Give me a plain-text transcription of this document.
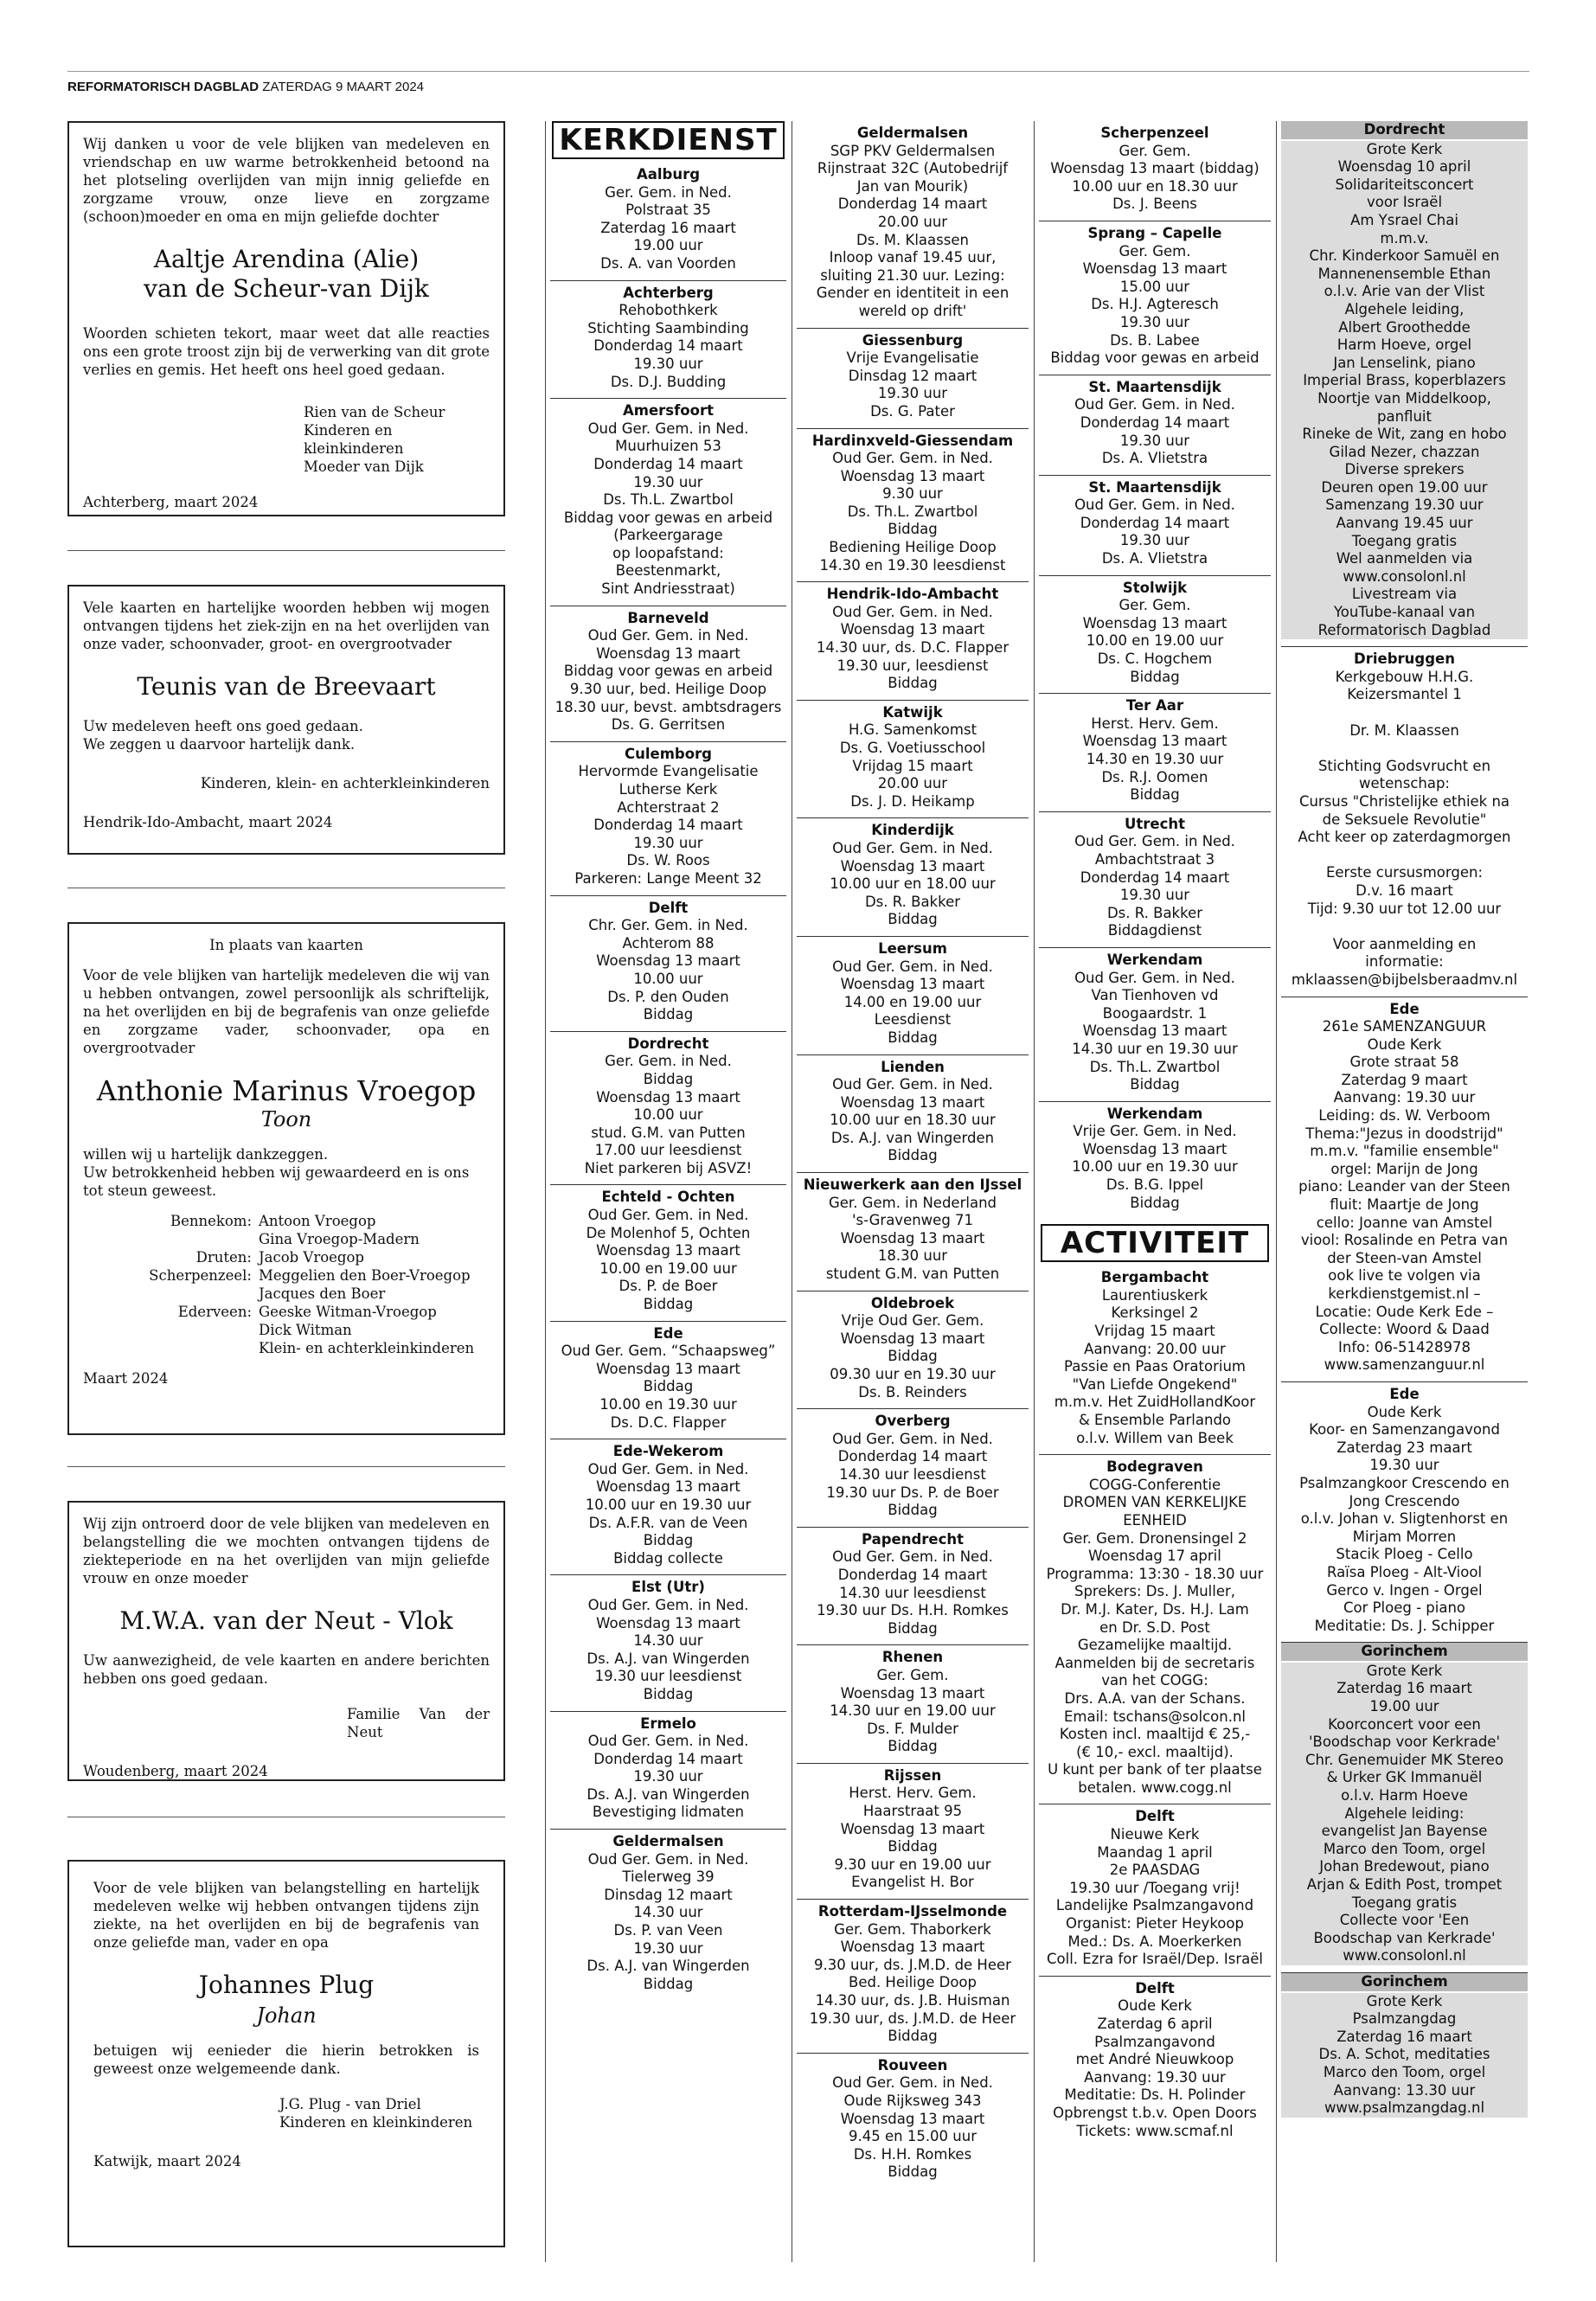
REFORMATORISCH DAGBLAD ZATERDAG 9 MAART 2024

Wij danken u voor de vele blijken van medeleven en vriendschap en uw warme betrokkenheid betoond na het plotseling overlijden van mijn innig geliefde en zorgzame vrouw, onze lieve en zorgzame (schoon)moeder en oma en mijn geliefde dochter

Aaltje Arendina (Alie)
van de Scheur-van Dijk

Woorden schieten tekort, maar weet dat alle reacties ons een grote troost zijn bij de verwerking van dit grote verlies en gemis. Het heeft ons heel goed gedaan.

Rien van de Scheur
Kinderen en kleinkinderen
Moeder van Dijk

Achterberg, maart 2024

Vele kaarten en hartelijke woorden hebben wij mogen ontvangen tijdens het ziek-zijn en na het overlijden van onze vader, schoonvader, groot- en overgrootvader

Teunis van de Breevaart

Uw medeleven heeft ons goed gedaan.

We zeggen u daarvoor hartelijk dank.

Kinderen, klein- en achterkleinkinderen

Hendrik-Ido-Ambacht, maart 2024

In plaats van kaarten

Voor de vele blijken van hartelijk medeleven die wij van u hebben ontvangen, zowel persoonlijk als schriftelijk, na het overlijden en bij de begrafenis van onze geliefde en zorgzame vader, schoonvader, opa en overgrootvader

Anthonie Marinus Vroegop
Toon

willen wij u hartelijk dankzeggen.

Uw betrokkenheid hebben wij gewaardeerd en is ons tot steun geweest.

Bennekom: Antoon Vroegop
Gina Vroegop-Madern
Druten: Jacob Vroegop
Scherpenzeel: Meggelien den Boer-Vroegop
Jacques den Boer
Ederveen: Geeske Witman-Vroegop
Dick Witman
Klein- en achterkleinkinderen

Maart 2024

Wij zijn ontroerd door de vele blijken van medeleven en belangstelling die we mochten ontvangen tijdens de ziekteperiode en na het overlijden van mijn geliefde vrouw en onze moeder

M.W.A. van der Neut - Vlok

Uw aanwezigheid, de vele kaarten en andere berichten hebben ons goed gedaan.

Familie Van der Neut

Woudenberg, maart 2024

Voor de vele blijken van belangstelling en hartelijk medeleven welke wij hebben ontvangen tijdens zijn ziekte, na het overlijden en bij de begrafenis van onze geliefde man, vader en opa

Johannes Plug
Johan

betuigen wij eenieder die hierin betrokken is geweest onze welgemeende dank.

J.G. Plug - van Driel
Kinderen en kleinkinderen

Katwijk, maart 2024

KERKDIENST
Aalburg
Ger. Gem. in Ned.
Polstraat 35
Zaterdag 16 maart
19.00 uur
Ds. A. van Voorden
Achterberg
Rehobothkerk
Stichting Saambinding
Donderdag 14 maart
19.30 uur
Ds. D.J. Budding
Amersfoort
Oud Ger. Gem. in Ned.
Muurhuizen 53
Donderdag 14 maart
19.30 uur
Ds. Th.L. Zwartbol
Biddag voor gewas en arbeid
(Parkeergarage
op loopafstand:
Beestenmarkt,
Sint Andriesstraat)
Barneveld
Oud Ger. Gem. in Ned.
Woensdag 13 maart
Biddag voor gewas en arbeid
9.30 uur, bed. Heilige Doop
18.30 uur, bevst. ambtsdragers
Ds. G. Gerritsen
Culemborg
Hervormde Evangelisatie
Lutherse Kerk
Achterstraat 2
Donderdag 14 maart
19.30 uur
Ds. W. Roos
Parkeren: Lange Meent 32
Delft
Chr. Ger. Gem. in Ned.
Achterom 88
Woensdag 13 maart
10.00 uur
Ds. P. den Ouden
Biddag
Dordrecht
Ger. Gem. in Ned.
Biddag
Woensdag 13 maart
10.00 uur
stud. G.M. van Putten
17.00 uur leesdienst
Niet parkeren bij ASVZ!
Echteld - Ochten
Oud Ger. Gem. in Ned.
De Molenhof 5, Ochten
Woensdag 13 maart
10.00 en 19.00 uur
Ds. P. de Boer
Biddag
Ede
Oud Ger. Gem. “Schaapsweg”
Woensdag 13 maart
Biddag
10.00 en 19.30 uur
Ds. D.C. Flapper
Ede-Wekerom
Oud Ger. Gem. in Ned.
Woensdag 13 maart
10.00 uur en 19.30 uur
Ds. A.F.R. van de Veen
Biddag
Biddag collecte
Elst (Utr)
Oud Ger. Gem. in Ned.
Woensdag 13 maart
14.30 uur
Ds. A.J. van Wingerden
19.30 uur leesdienst
Biddag
Ermelo
Oud Ger. Gem. in Ned.
Donderdag 14 maart
19.30 uur
Ds. A.J. van Wingerden
Bevestiging lidmaten
Geldermalsen
Oud Ger. Gem. in Ned.
Tielerweg 39
Dinsdag 12 maart
14.30 uur
Ds. P. van Veen
19.30 uur
Ds. A.J. van Wingerden
Biddag
Geldermalsen
SGP PKV Geldermalsen
Rijnstraat 32C (Autobedrijf
Jan van Mourik)
Donderdag 14 maart
20.00 uur
Ds. M. Klaassen
Inloop vanaf 19.45 uur,
sluiting 21.30 uur. Lezing:
Gender en identiteit in een
wereld op drift'
Giessenburg
Vrije Evangelisatie
Dinsdag 12 maart
19.30 uur
Ds. G. Pater
Hardinxveld-Giessendam
Oud Ger. Gem. in Ned.
Woensdag 13 maart
9.30 uur
Ds. Th.L. Zwartbol
Biddag
Bediening Heilige Doop
14.30 en 19.30 leesdienst
Hendrik-Ido-Ambacht
Oud Ger. Gem. in Ned.
Woensdag 13 maart
14.30 uur, ds. D.C. Flapper
19.30 uur, leesdienst
Biddag
Katwijk
H.G. Samenkomst
Ds. G. Voetiusschool
Vrijdag 15 maart
20.00 uur
Ds. J. D. Heikamp
Kinderdijk
Oud Ger. Gem. in Ned.
Woensdag 13 maart
10.00 uur en 18.00 uur
Ds. R. Bakker
Biddag
Leersum
Oud Ger. Gem. in Ned.
Woensdag 13 maart
14.00 en 19.00 uur
Leesdienst
Biddag
Lienden
Oud Ger. Gem. in Ned.
Woensdag 13 maart
10.00 uur en 18.30 uur
Ds. A.J. van Wingerden
Biddag
Nieuwerkerk aan den IJssel
Ger. Gem. in Nederland
's-Gravenweg 71
Woensdag 13 maart
18.30 uur
student G.M. van Putten
Oldebroek
Vrije Oud Ger. Gem.
Woensdag 13 maart
Biddag
09.30 uur en 19.30 uur
Ds. B. Reinders
Overberg
Oud Ger. Gem. in Ned.
Donderdag 14 maart
14.30 uur leesdienst
19.30 uur Ds. P. de Boer
Biddag
Papendrecht
Oud Ger. Gem. in Ned.
Donderdag 14 maart
14.30 uur leesdienst
19.30 uur Ds. H.H. Romkes
Biddag
Rhenen
Ger. Gem.
Woensdag 13 maart
14.30 uur en 19.00 uur
Ds. F. Mulder
Biddag
Rijssen
Herst. Herv. Gem.
Haarstraat 95
Woensdag 13 maart
Biddag
9.30 uur en 19.00 uur
Evangelist H. Bor
Rotterdam-IJsselmonde
Ger. Gem. Thaborkerk
Woensdag 13 maart
9.30 uur, ds. J.M.D. de Heer
Bed. Heilige Doop
14.30 uur, ds. J.B. Huisman
19.30 uur, ds. J.M.D. de Heer
Biddag
Rouveen
Oud Ger. Gem. in Ned.
Oude Rijksweg 343
Woensdag 13 maart
9.45 en 15.00 uur
Ds. H.H. Romkes
Biddag
Scherpenzeel
Ger. Gem.
Woensdag 13 maart (biddag)
10.00 uur en 18.30 uur
Ds. J. Beens
Sprang – Capelle
Ger. Gem.
Woensdag 13 maart
15.00 uur
Ds. H.J. Agteresch
19.30 uur
Ds. B. Labee
Biddag voor gewas en arbeid
St. Maartensdijk
Oud Ger. Gem. in Ned.
Donderdag 14 maart
19.30 uur
Ds. A. Vlietstra
St. Maartensdijk
Oud Ger. Gem. in Ned.
Donderdag 14 maart
19.30 uur
Ds. A. Vlietstra
Stolwijk
Ger. Gem.
Woensdag 13 maart
10.00 en 19.00 uur
Ds. C. Hogchem
Biddag
Ter Aar
Herst. Herv. Gem.
Woensdag 13 maart
14.30 en 19.30 uur
Ds. R.J. Oomen
Biddag
Utrecht
Oud Ger. Gem. in Ned.
Ambachtstraat 3
Donderdag 14 maart
19.30 uur
Ds. R. Bakker
Biddagdienst
Werkendam
Oud Ger. Gem. in Ned.
Van Tienhoven vd
Boogaardstr. 1
Woensdag 13 maart
14.30 uur en 19.30 uur
Ds. Th.L. Zwartbol
Biddag
Werkendam
Vrije Ger. Gem. in Ned.
Woensdag 13 maart
10.00 uur en 19.30 uur
Ds. B.G. Ippel
Biddag
ACTIVITEIT
Bergambacht
Laurentiuskerk
Kerksingel 2
Vrijdag 15 maart
Aanvang: 20.00 uur
Passie en Paas Oratorium
"Van Liefde Ongekend"
m.m.v. Het ZuidHollandKoor
& Ensemble Parlando
o.l.v. Willem van Beek
Bodegraven
COGG-Conferentie
DROMEN VAN KERKELIJKE
EENHEID
Ger. Gem. Dronensingel 2
Woensdag 17 april
Programma: 13:30 - 18.30 uur
Sprekers: Ds. J. Muller,
Dr. M.J. Kater, Ds. H.J. Lam
en Dr. S.D. Post
Gezamelijke maaltijd.
Aanmelden bij de secretaris
van het COGG:
Drs. A.A. van der Schans.
Email: tschans@solcon.nl
Kosten incl. maaltijd € 25,-
(€ 10,- excl. maaltijd).
U kunt per bank of ter plaatse
betalen. www.cogg.nl
Delft
Nieuwe Kerk
Maandag 1 april
2e PAASDAG
19.30 uur /Toegang vrij!
Landelijke Psalmzangavond
Organist: Pieter Heykoop
Med.: Ds. A. Moerkerken
Coll. Ezra for Israël/Dep. Israël
Delft
Oude Kerk
Zaterdag 6 april
Psalmzangavond
met André Nieuwkoop
Aanvang: 19.30 uur
Meditatie: Ds. H. Polinder
Opbrengst t.b.v. Open Doors
Tickets: www.scmaf.nl
Dordrecht
Grote Kerk
Woensdag 10 april
Solidariteitsconcert
voor Israël
Am Ysrael Chai
m.m.v.
Chr. Kinderkoor Samuël en
Mannenensemble Ethan
o.l.v. Arie van der Vlist
Algehele leiding,
Albert Groothedde
Harm Hoeve, orgel
Jan Lenselink, piano
Imperial Brass, koperblazers
Noortje van Middelkoop,
panfluit
Rineke de Wit, zang en hobo
Gilad Nezer, chazzan
Diverse sprekers
Deuren open 19.00 uur
Samenzang 19.30 uur
Aanvang 19.45 uur
Toegang gratis
Wel aanmelden via
www.consolonl.nl
Livestream via
YouTube-kanaal van
Reformatorisch Dagblad
Driebruggen
Kerkgebouw H.H.G.
Keizersmantel 1

Dr. M. Klaassen

Stichting Godsvrucht en
wetenschap:
Cursus "Christelijke ethiek na
de Seksuele Revolutie"
Acht keer op zaterdagmorgen

Eerste cursusmorgen:
D.v. 16 maart
Tijd: 9.30 uur tot 12.00 uur

Voor aanmelding en
informatie:
mklaassen@bijbelsberaadmv.nl
Ede
261e SAMENZANGUUR
Oude Kerk
Grote straat 58
Zaterdag 9 maart
Aanvang: 19.30 uur
Leiding: ds. W. Verboom
Thema:"Jezus in doodstrijd"
m.m.v. "familie ensemble"
orgel: Marijn de Jong
piano: Leander van der Steen
fluit: Maartje de Jong
cello: Joanne van Amstel
viool: Rosalinde en Petra van
der Steen-van Amstel
ook live te volgen via
kerkdienstgemist.nl –
Locatie: Oude Kerk Ede –
Collecte: Woord & Daad
Info: 06-51428978
www.samenzanguur.nl
Ede
Oude Kerk
Koor- en Samenzangavond
Zaterdag 23 maart
19.30 uur
Psalmzangkoor Crescendo en
Jong Crescendo
o.l.v. Johan v. Sligtenhorst en
Mirjam Morren
Stacik Ploeg - Cello
Raïsa Ploeg - Alt-Viool
Gerco v. Ingen - Orgel
Cor Ploeg - piano
Meditatie: Ds. J. Schipper
Gorinchem
Grote Kerk
Zaterdag 16 maart
19.00 uur
Koorconcert voor een
'Boodschap voor Kerkrade'
Chr. Genemuider MK Stereo
& Urker GK Immanuël
o.l.v. Harm Hoeve
Algehele leiding:
evangelist Jan Bayense
Marco den Toom, orgel
Johan Bredewout, piano
Arjan & Edith Post, trompet
Toegang gratis
Collecte voor 'Een
Boodschap van Kerkrade'
www.consolonl.nl
Gorinchem
Grote Kerk
Psalmzangdag
Zaterdag 16 maart
Ds. A. Schot, meditaties
Marco den Toom, orgel
Aanvang: 13.30 uur
www.psalmzangdag.nl
